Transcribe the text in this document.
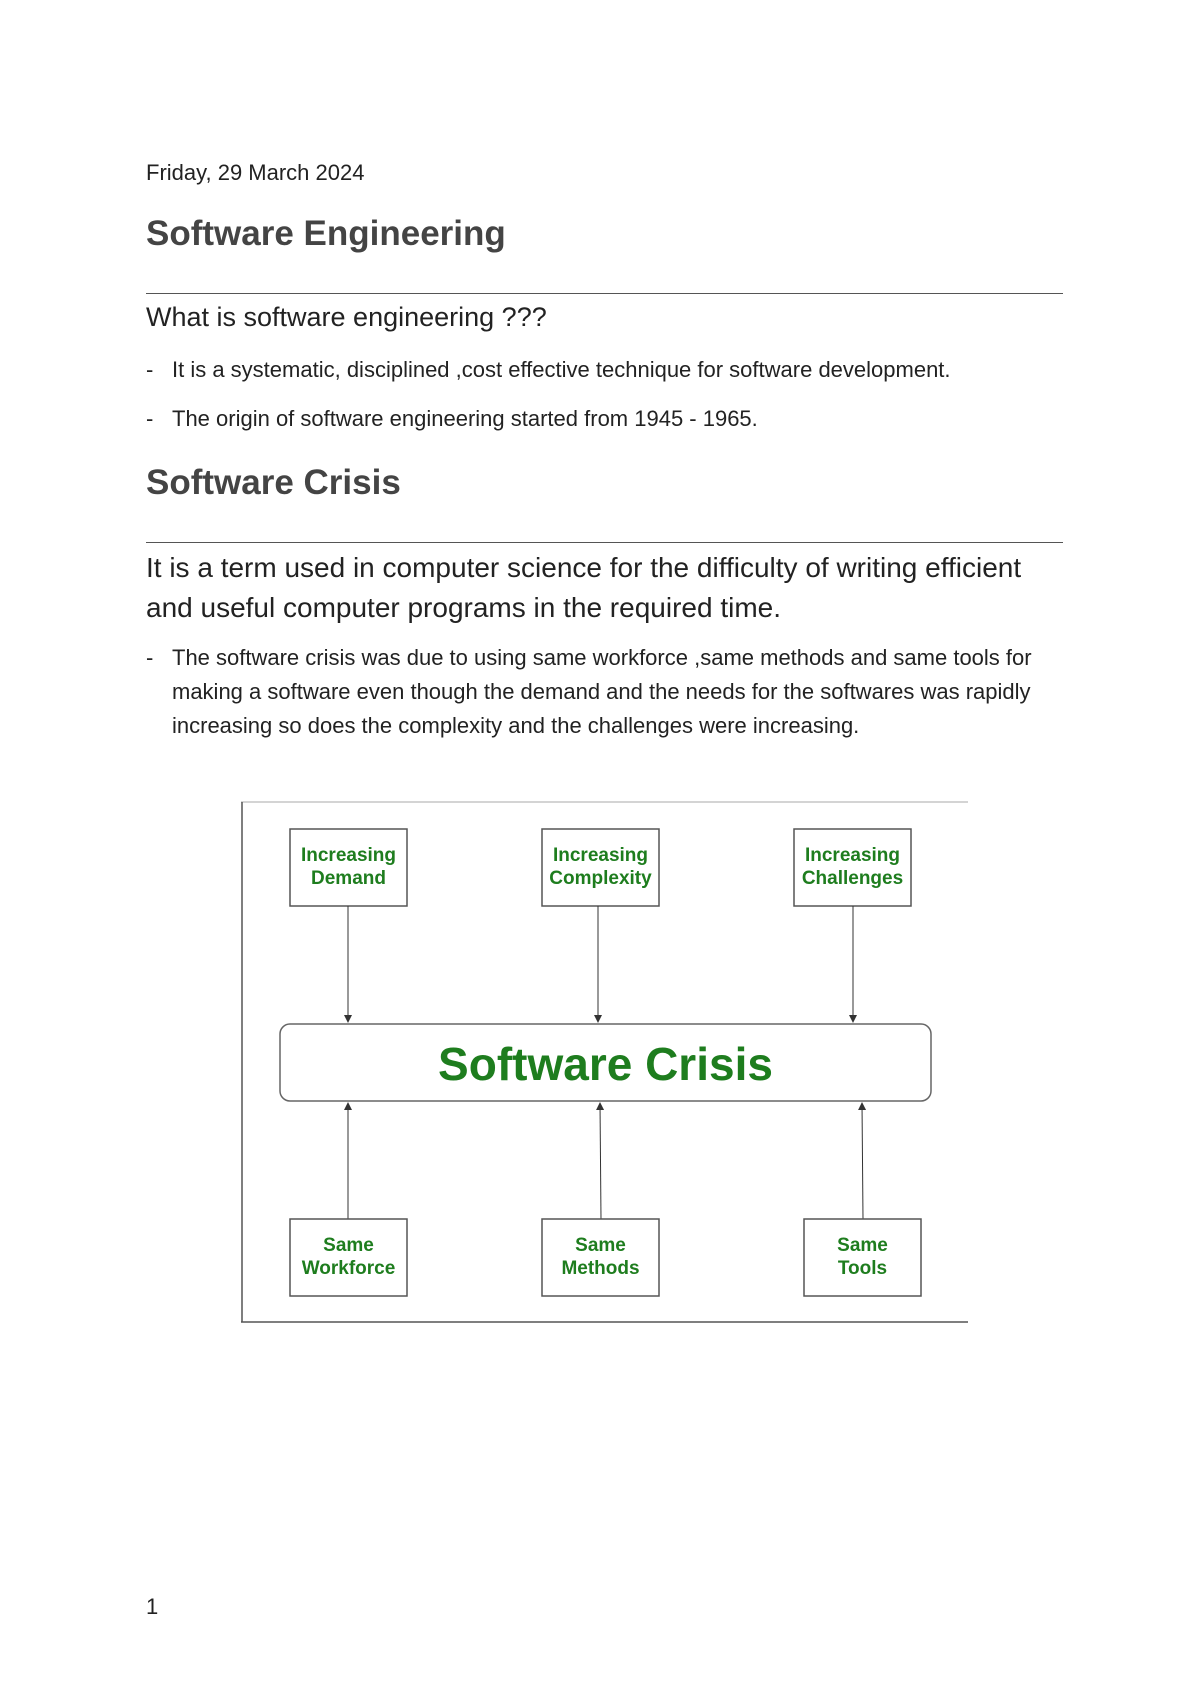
Friday, 29 March 2024
Software Engineering
What is software engineering ???
- It is a systematic, disciplined ,cost effective technique for software development.
- The origin of software engineering started from 1945 - 1965.
Software Crisis
It is a term used in computer science for the difficulty of writing efficient and useful computer programs in the required time.
- The software crisis was due to using same workforce ,same methods and same tools for making a software even though the demand and the needs for the softwares was rapidly increasing so does the complexity and the challenges were increasing.
Increasing
Demand
Increasing
Complexity
Increasing
Challenges
Software Crisis
Same
Workforce
Same
Methods
Same
Tools
1
